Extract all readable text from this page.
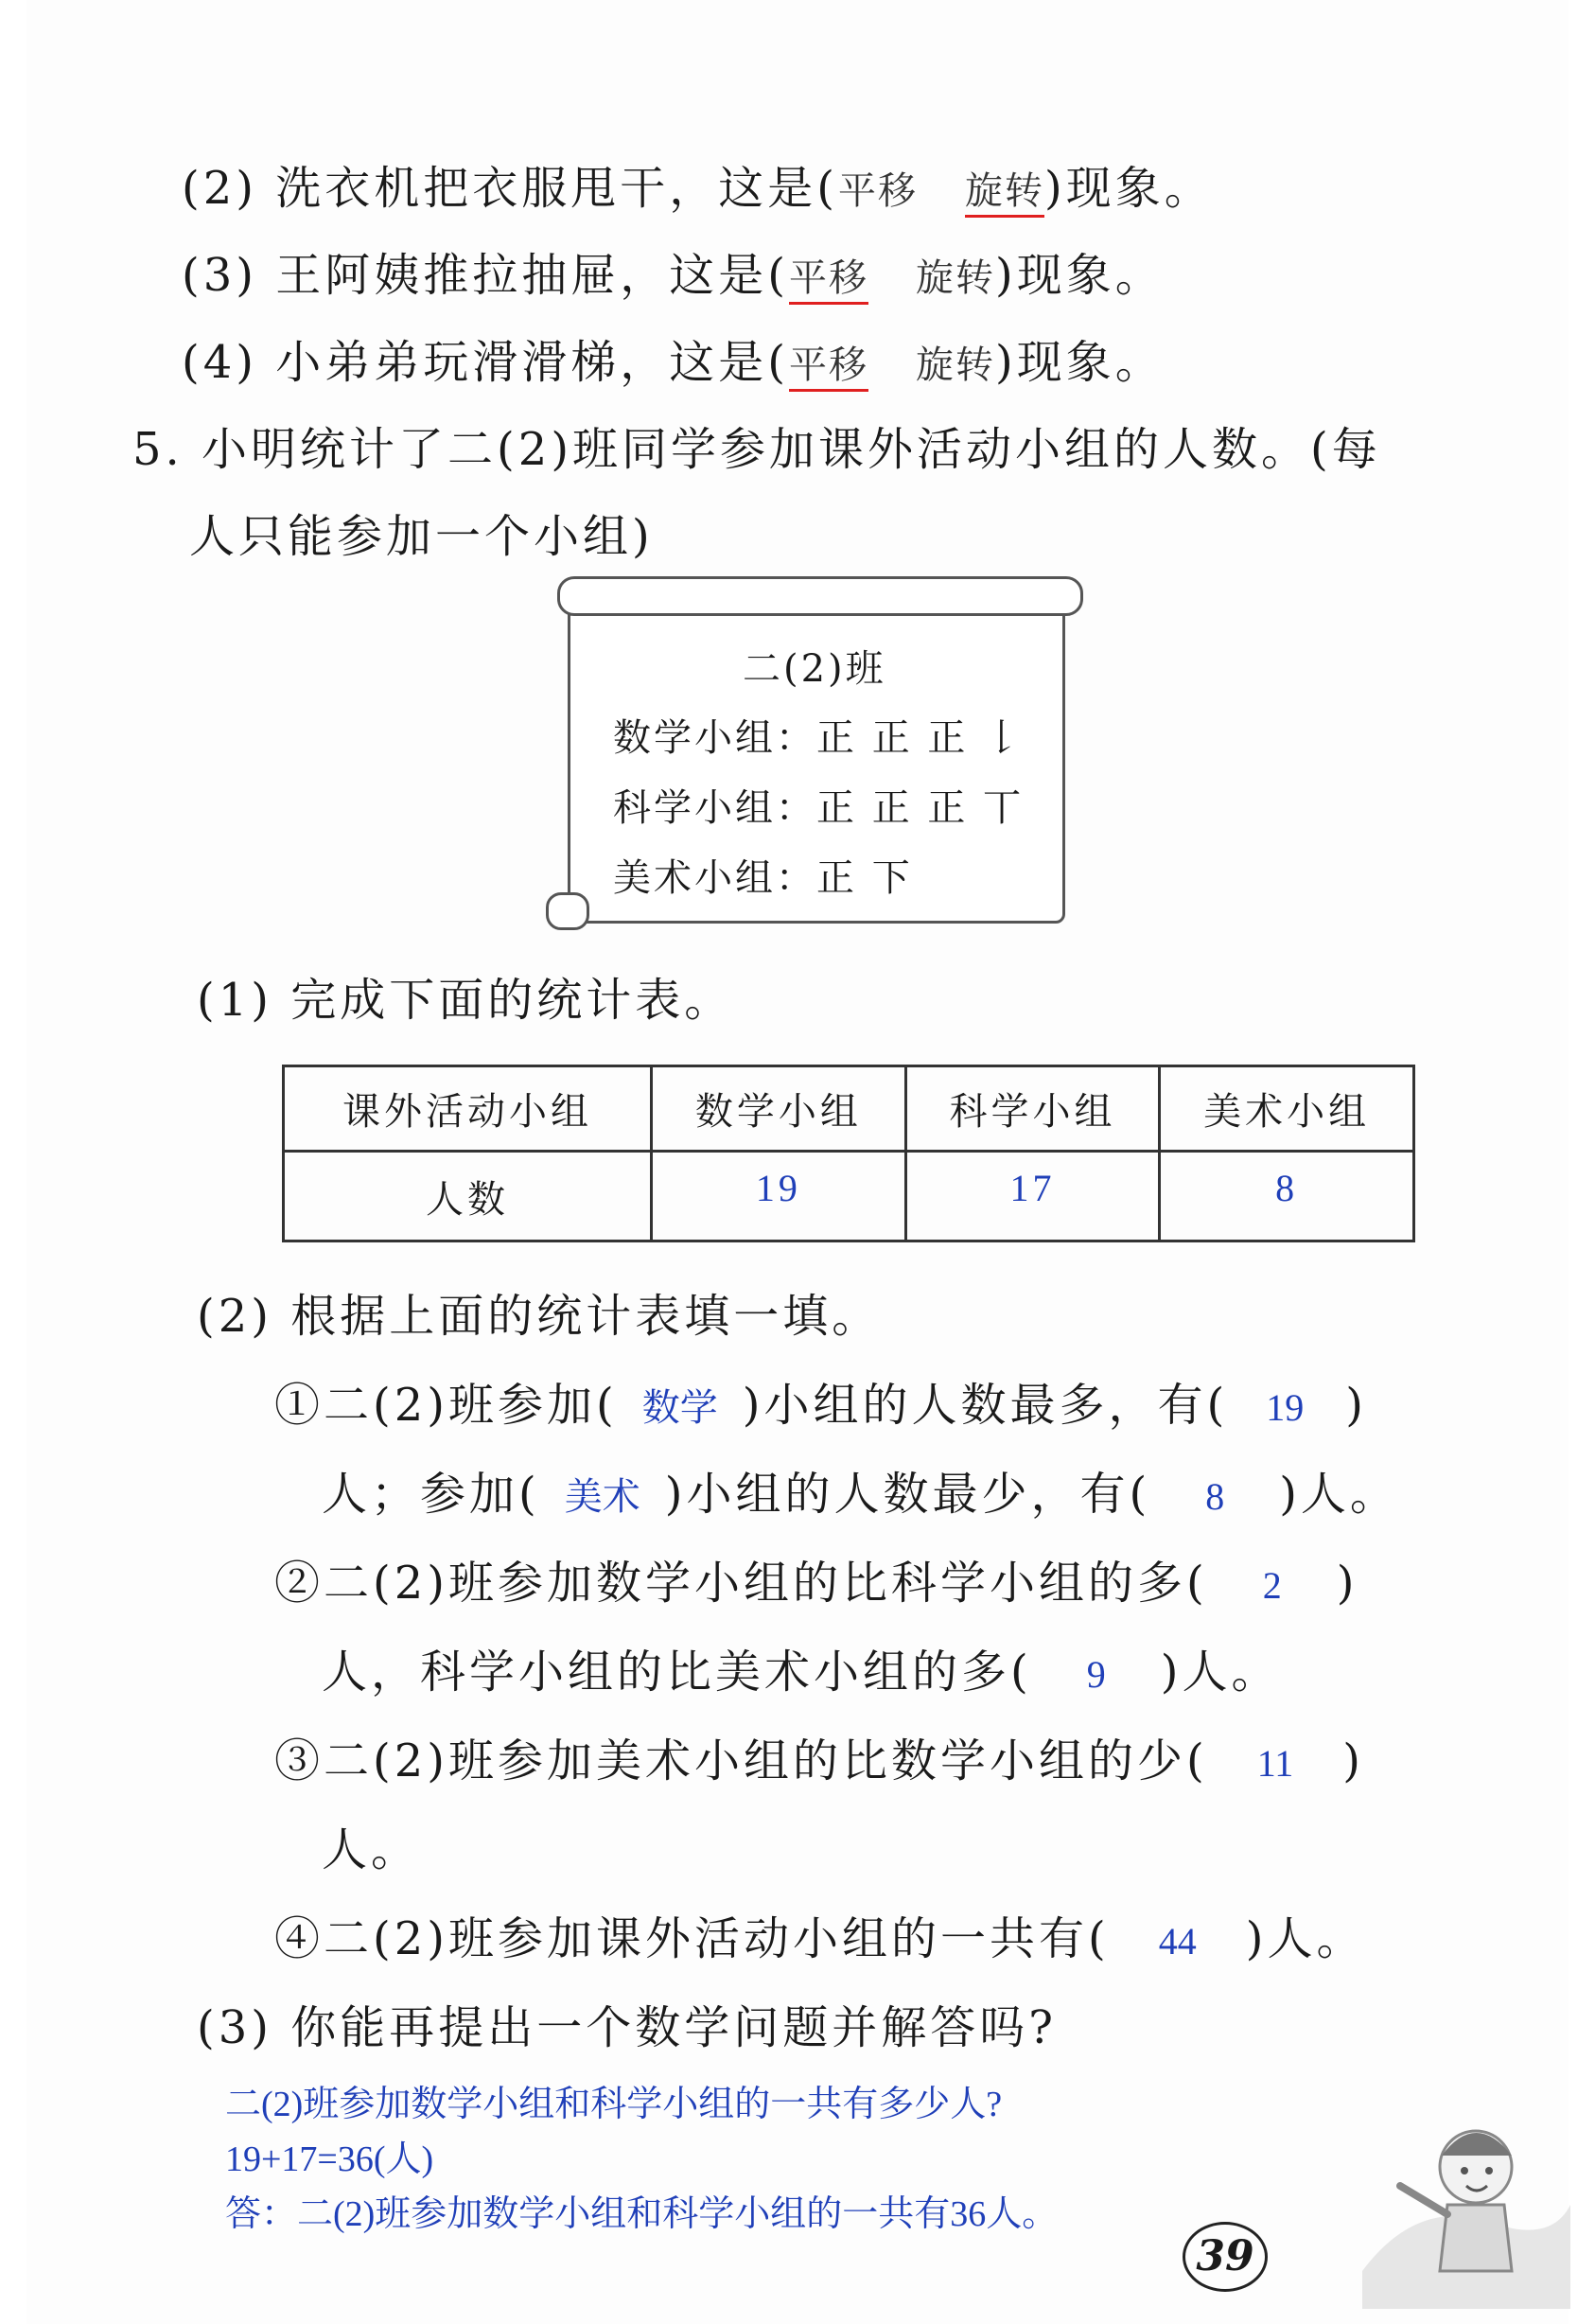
(2) 洗衣机把衣服甩干，这是(平移 旋转)现象。
(3) 王阿姨推拉抽屉，这是(平移 旋转)现象。
(4) 小弟弟玩滑滑梯，这是(平移 旋转)现象。
5. 小明统计了二(2)班同学参加课外活动小组的人数。(每
人只能参加一个小组)
二(2)班
数学小组：正 正 正 𠄌
科学小组：正 正 正 丅
美术小组：正 下
(1) 完成下面的统计表。
课外活动小组	数学小组	科学小组	美术小组
人数	19	17	8
(2) 根据上面的统计表填一填。
①二(2)班参加( 数学 )小组的人数最多，有( 19 )
人；参加( 美术 )小组的人数最少，有( 8 )人。
②二(2)班参加数学小组的比科学小组的多( 2 )
人，科学小组的比美术小组的多( 9 )人。
③二(2)班参加美术小组的比数学小组的少( 11 )
人。
④二(2)班参加课外活动小组的一共有( 44 )人。
(3) 你能再提出一个数学问题并解答吗?
二(2)班参加数学小组和科学小组的一共有多少人?
19+17=36(人)
答：二(2)班参加数学小组和科学小组的一共有36人。
39
